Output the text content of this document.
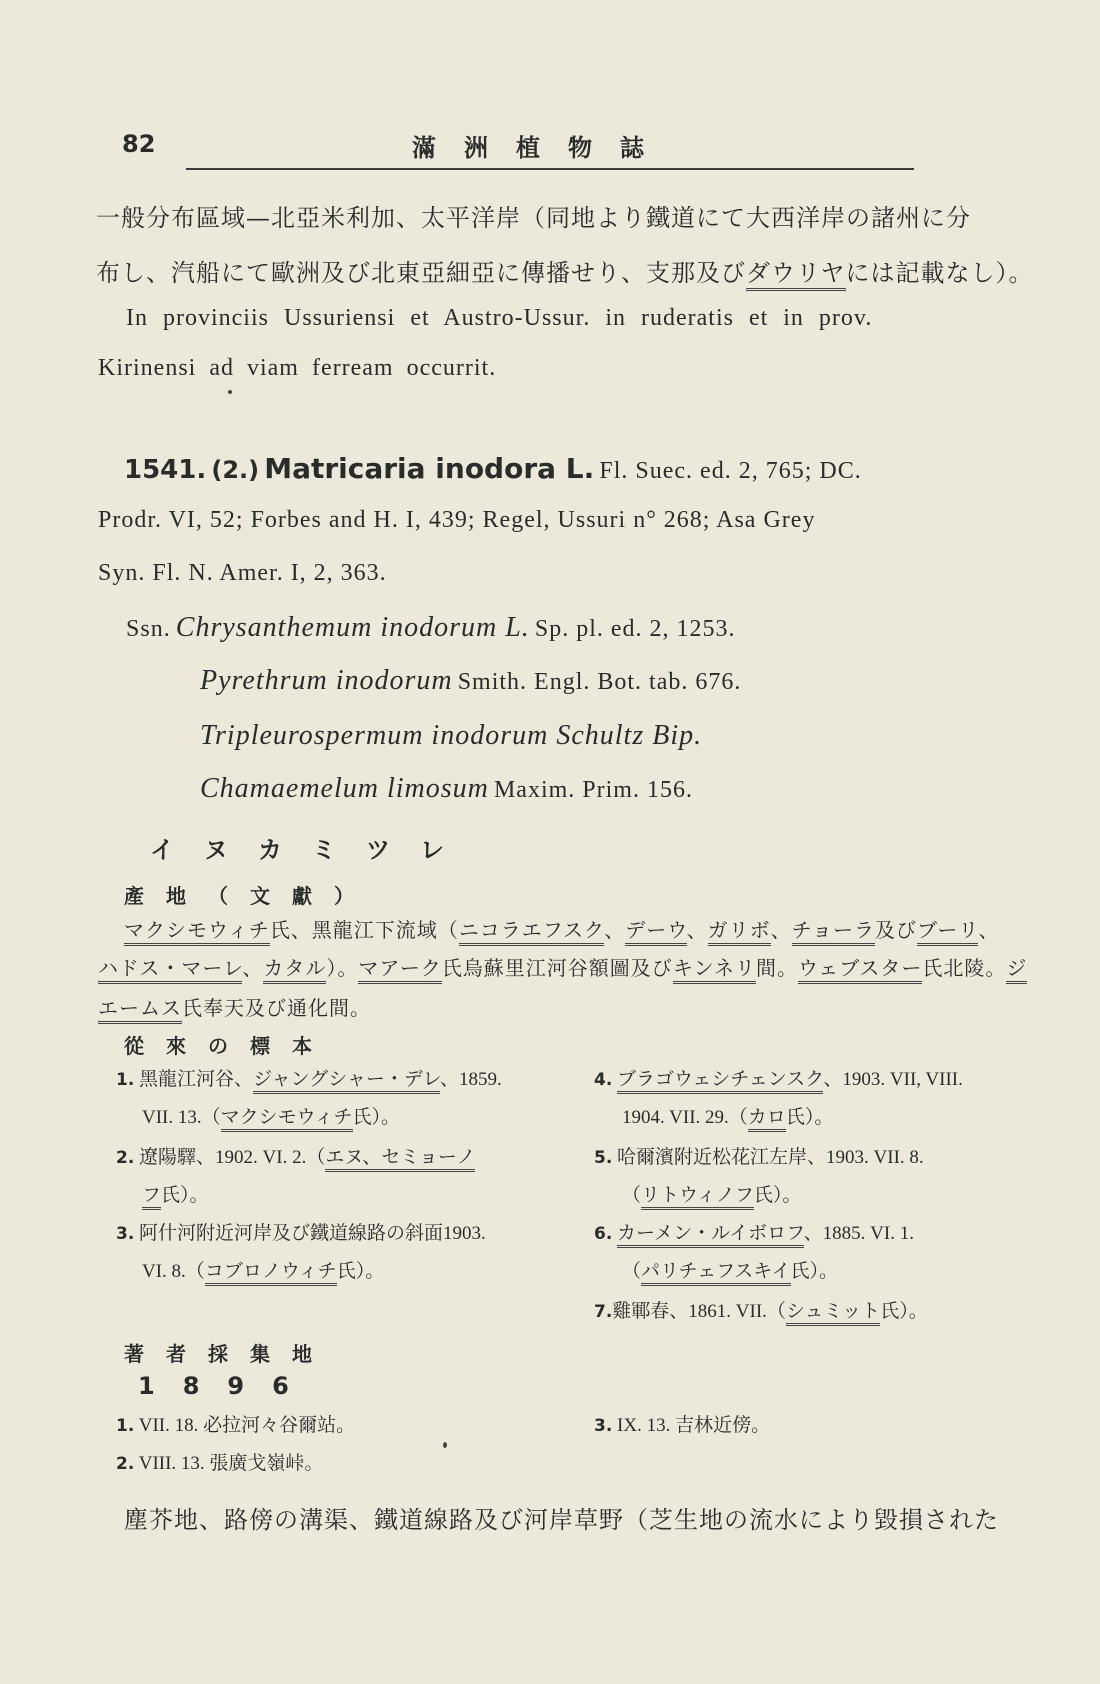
82	滿洲植物誌
一般分布區域—北亞米利加、太平洋岸（同地より鐵道にて大西洋岸の諸州に分
布し、汽船にて歐洲及び北東亞細亞に傳播せり、支那及びダウリヤには記載なし）。
In provinciis Ussuriensi et Austro-Ussur. in ruderatis et in prov.
Kirinensi ad viam ferream occurrit.
1541. (2.) Matricaria inodora L. Fl. Suec. ed. 2, 765; DC.
Prodr. VI, 52; Forbes and H. I, 439; Regel, Ussuri n° 268; Asa Grey
Syn. Fl. N. Amer. I, 2, 363.
Ssn. Chrysanthemum inodorum L. Sp. pl. ed. 2, 1253.
Pyrethrum inodorum Smith. Engl. Bot. tab. 676.
Tripleurospermum inodorum Schultz Bip.
Chamaemelum limosum Maxim. Prim. 156.
イヌカミツレ
產地（文獻）
マクシモウィチ氏、黑龍江下流域（ニコラエフスク、デーウ、ガリボ、チョーラ及びブーリ、
ハドス・マーレ、カタル）。マアーク氏烏蘇里江河谷額圖及びキンネリ間。ウェブスター氏北陵。ジ
エームス氏奉天及び通化間。
從來の標本
1. 黑龍江河谷、ジャングシャー・デレ、1859.
VII. 13.（マクシモウィチ氏）。
2. 遼陽驛、1902. VI. 2.（エヌ、セミョーノ
フ氏）。
3. 阿什河附近河岸及び鐵道線路の斜面1903.
VI. 8.（コブロノウィチ氏）。
4. ブラゴウェシチェンスク、1903. VII, VIII.
1904. VII. 29.（カロ氏）。
5. 哈爾濱附近松花江左岸、1903. VII. 8.
（リトウィノフ氏）。
6. カーメン・ルイボロフ、1885. VI. 1.
（パリチェフスキイ氏）。
7.雞鄆春、1861. VII.（シュミット氏）。
著者採集地
1896
1. VII. 18. 必拉河々谷爾站。
2. VIII. 13. 張廣戈嶺峠。
3. IX. 13. 吉林近傍。
塵芥地、路傍の溝渠、鐵道線路及び河岸草野（芝生地の流水により毀損された
